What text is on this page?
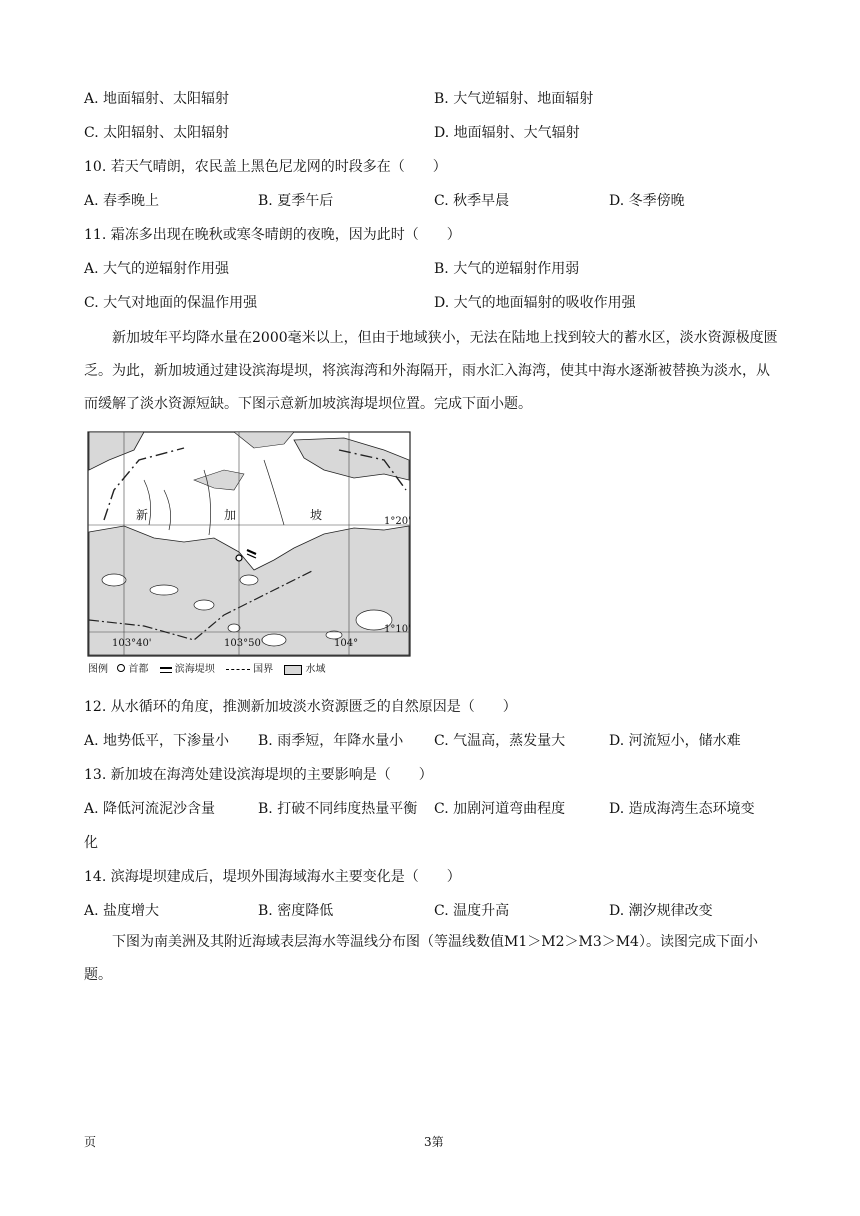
A. 地面辐射、太阳辐射	B. 大气逆辐射、地面辐射
C. 太阳辐射、太阳辐射	D. 地面辐射、大气辐射
10. 若天气晴朗，农民盖上黑色尼龙网的时段多在（　　）
A. 春季晚上	B. 夏季午后	C. 秋季早晨	D. 冬季傍晚
11. 霜冻多出现在晚秋或寒冬晴朗的夜晚，因为此时（　　）
A. 大气的逆辐射作用强	B. 大气的逆辐射作用弱
C. 大气对地面的保温作用强	D. 大气的地面辐射的吸收作用强
新加坡年平均降水量在2000毫米以上，但由于地域狭小，无法在陆地上找到较大的蓄水区，淡水资源极度匮乏。为此，新加坡通过建设滨海堤坝，将滨海湾和外海隔开，雨水汇入海湾，使其中海水逐渐被替换为淡水，从而缓解了淡水资源短缺。下图示意新加坡滨海堤坝位置。完成下面小题。
新	加	坡	1°20'
1°10'
103°40'	103°50'	104°
图例 首都	滨海堤坝	国界	水域
12. 从水循环的角度，推测新加坡淡水资源匮乏的自然原因是（　　）
A. 地势低平，下渗量小 B. 雨季短，年降水量小 C. 气温高，蒸发量大	D. 河流短小，储水难
13. 新加坡在海湾处建设滨海堤坝的主要影响是（　　）
A. 降低河流泥沙含量	B. 打破不同纬度热量平衡 C. 加剧河道弯曲程度	D. 造成海湾生态环境变
化
14. 滨海堤坝建成后，堤坝外围海域海水主要变化是（　　）
A. 盐度增大	B. 密度降低	C. 温度升高	D. 潮汐规律改变
下图为南美洲及其附近海域表层海水等温线分布图（等温线数值M1＞M2＞M3＞M4）。读图完成下面小题。
页	3第
